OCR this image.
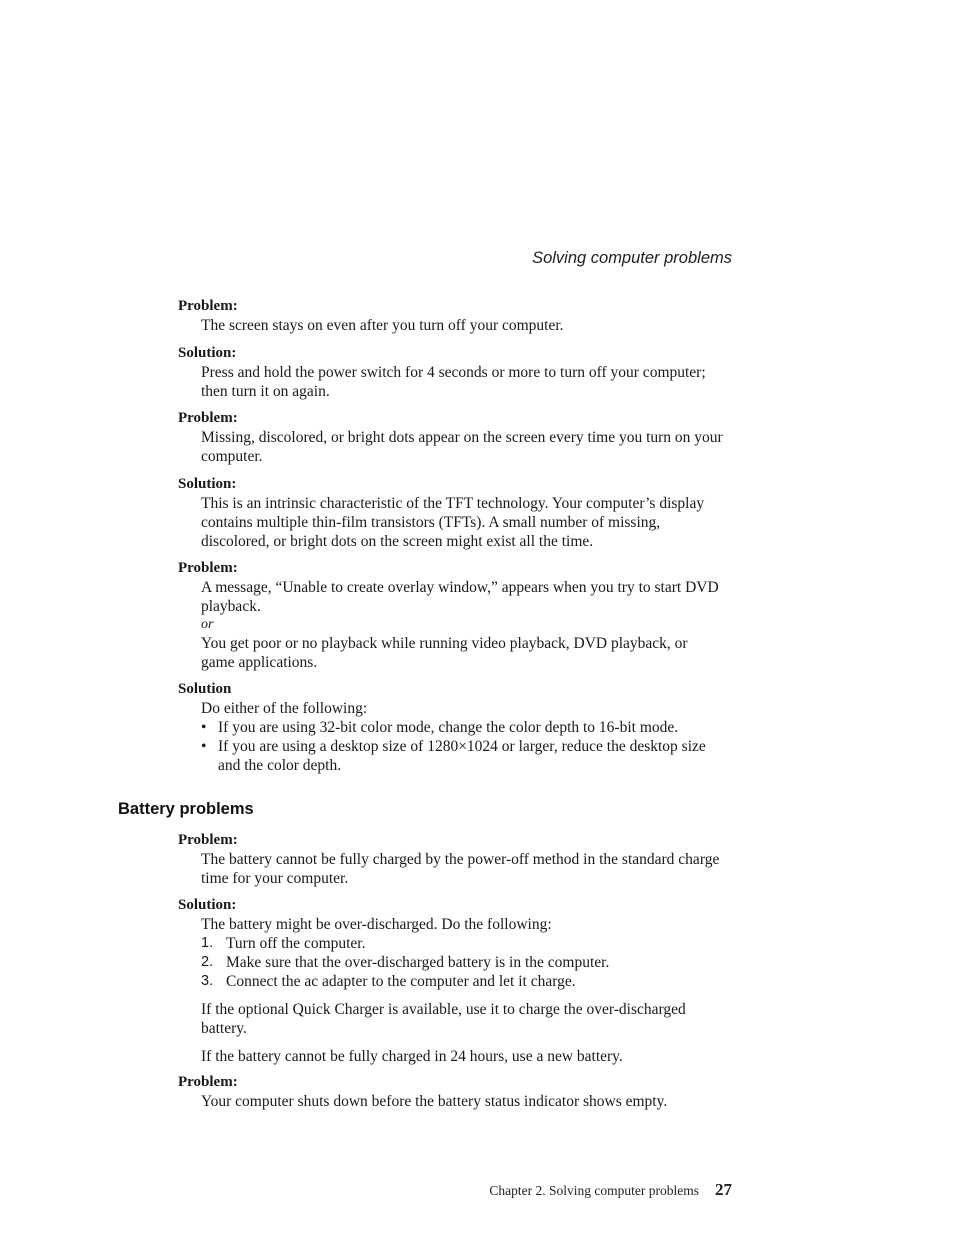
Solving computer problems

Problem:

The screen stays on even after you turn off your computer.

Solution:

Press and hold the power switch for 4 seconds or more to turn off your computer; then turn it on again.

Problem:

Missing, discolored, or bright dots appear on the screen every time you turn on your computer.

Solution:

This is an intrinsic characteristic of the TFT technology. Your computer’s display contains multiple thin-film transistors (TFTs). A small number of missing, discolored, or bright dots on the screen might exist all the time.

Problem:

A message, “Unable to create overlay window,” appears when you try to start DVD playback.

or

You get poor or no playback while running video playback, DVD playback, or game applications.

Solution

Do either of the following:

• If you are using 32-bit color mode, change the color depth to 16-bit mode.
• If you are using a desktop size of 1280×1024 or larger, reduce the desktop size and the color depth.
Battery problems

Problem:

The battery cannot be fully charged by the power-off method in the standard charge time for your computer.

Solution:

The battery might be over-discharged. Do the following:

1. Turn off the computer.
2. Make sure that the over-discharged battery is in the computer.
3. Connect the ac adapter to the computer and let it charge.

If the optional Quick Charger is available, use it to charge the over-discharged battery.

If the battery cannot be fully charged in 24 hours, use a new battery.

Problem:

Your computer shuts down before the battery status indicator shows empty.

Chapter 2. Solving computer problems 27
